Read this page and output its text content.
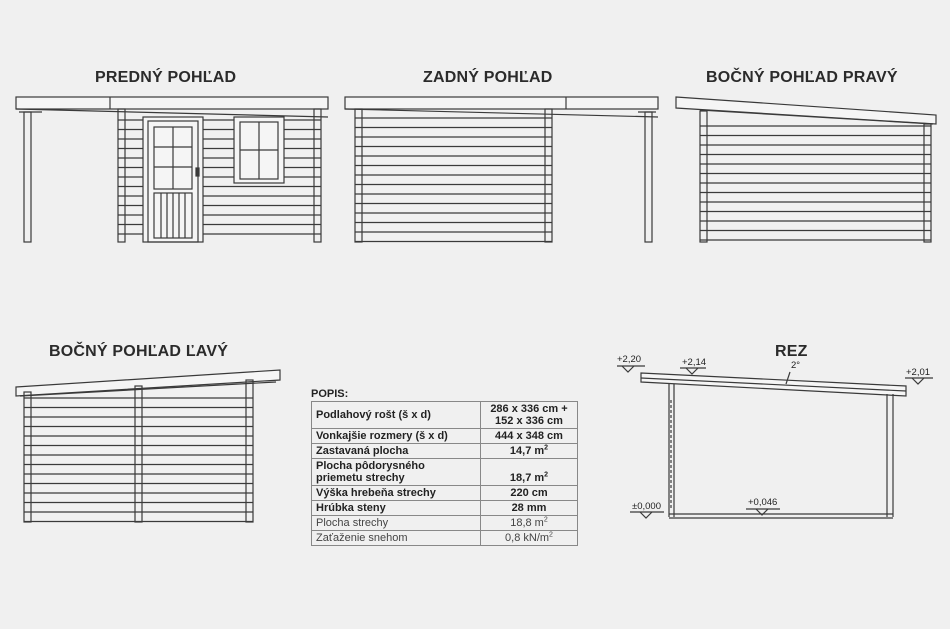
PREDNÝ POHĽAD	ZADNÝ POHĽAD	BOČNÝ POHĽAD PRAVÝ
BOČNÝ POHĽAD ĽAVÝ	REZ
+2,20	+2,14	2°
+2,01
±0,000	+0,046
POPIS:
Podlahový rošt (š x d)	286 x 336 cm +
152 x 336 cm
Vonkajšie rozmery (š x d)	444 x 348 cm
Zastavaná plocha	14,7 $m^2$
Plocha pôdorysného
priemetu strechy	18,7 $m^2$
Výška hrebeňa strechy	220 cm
Hrúbka steny	28 mm
Plocha strechy	18,8 $m^2$
Zaťaženie snehom	0,8 $kN/m^2$
